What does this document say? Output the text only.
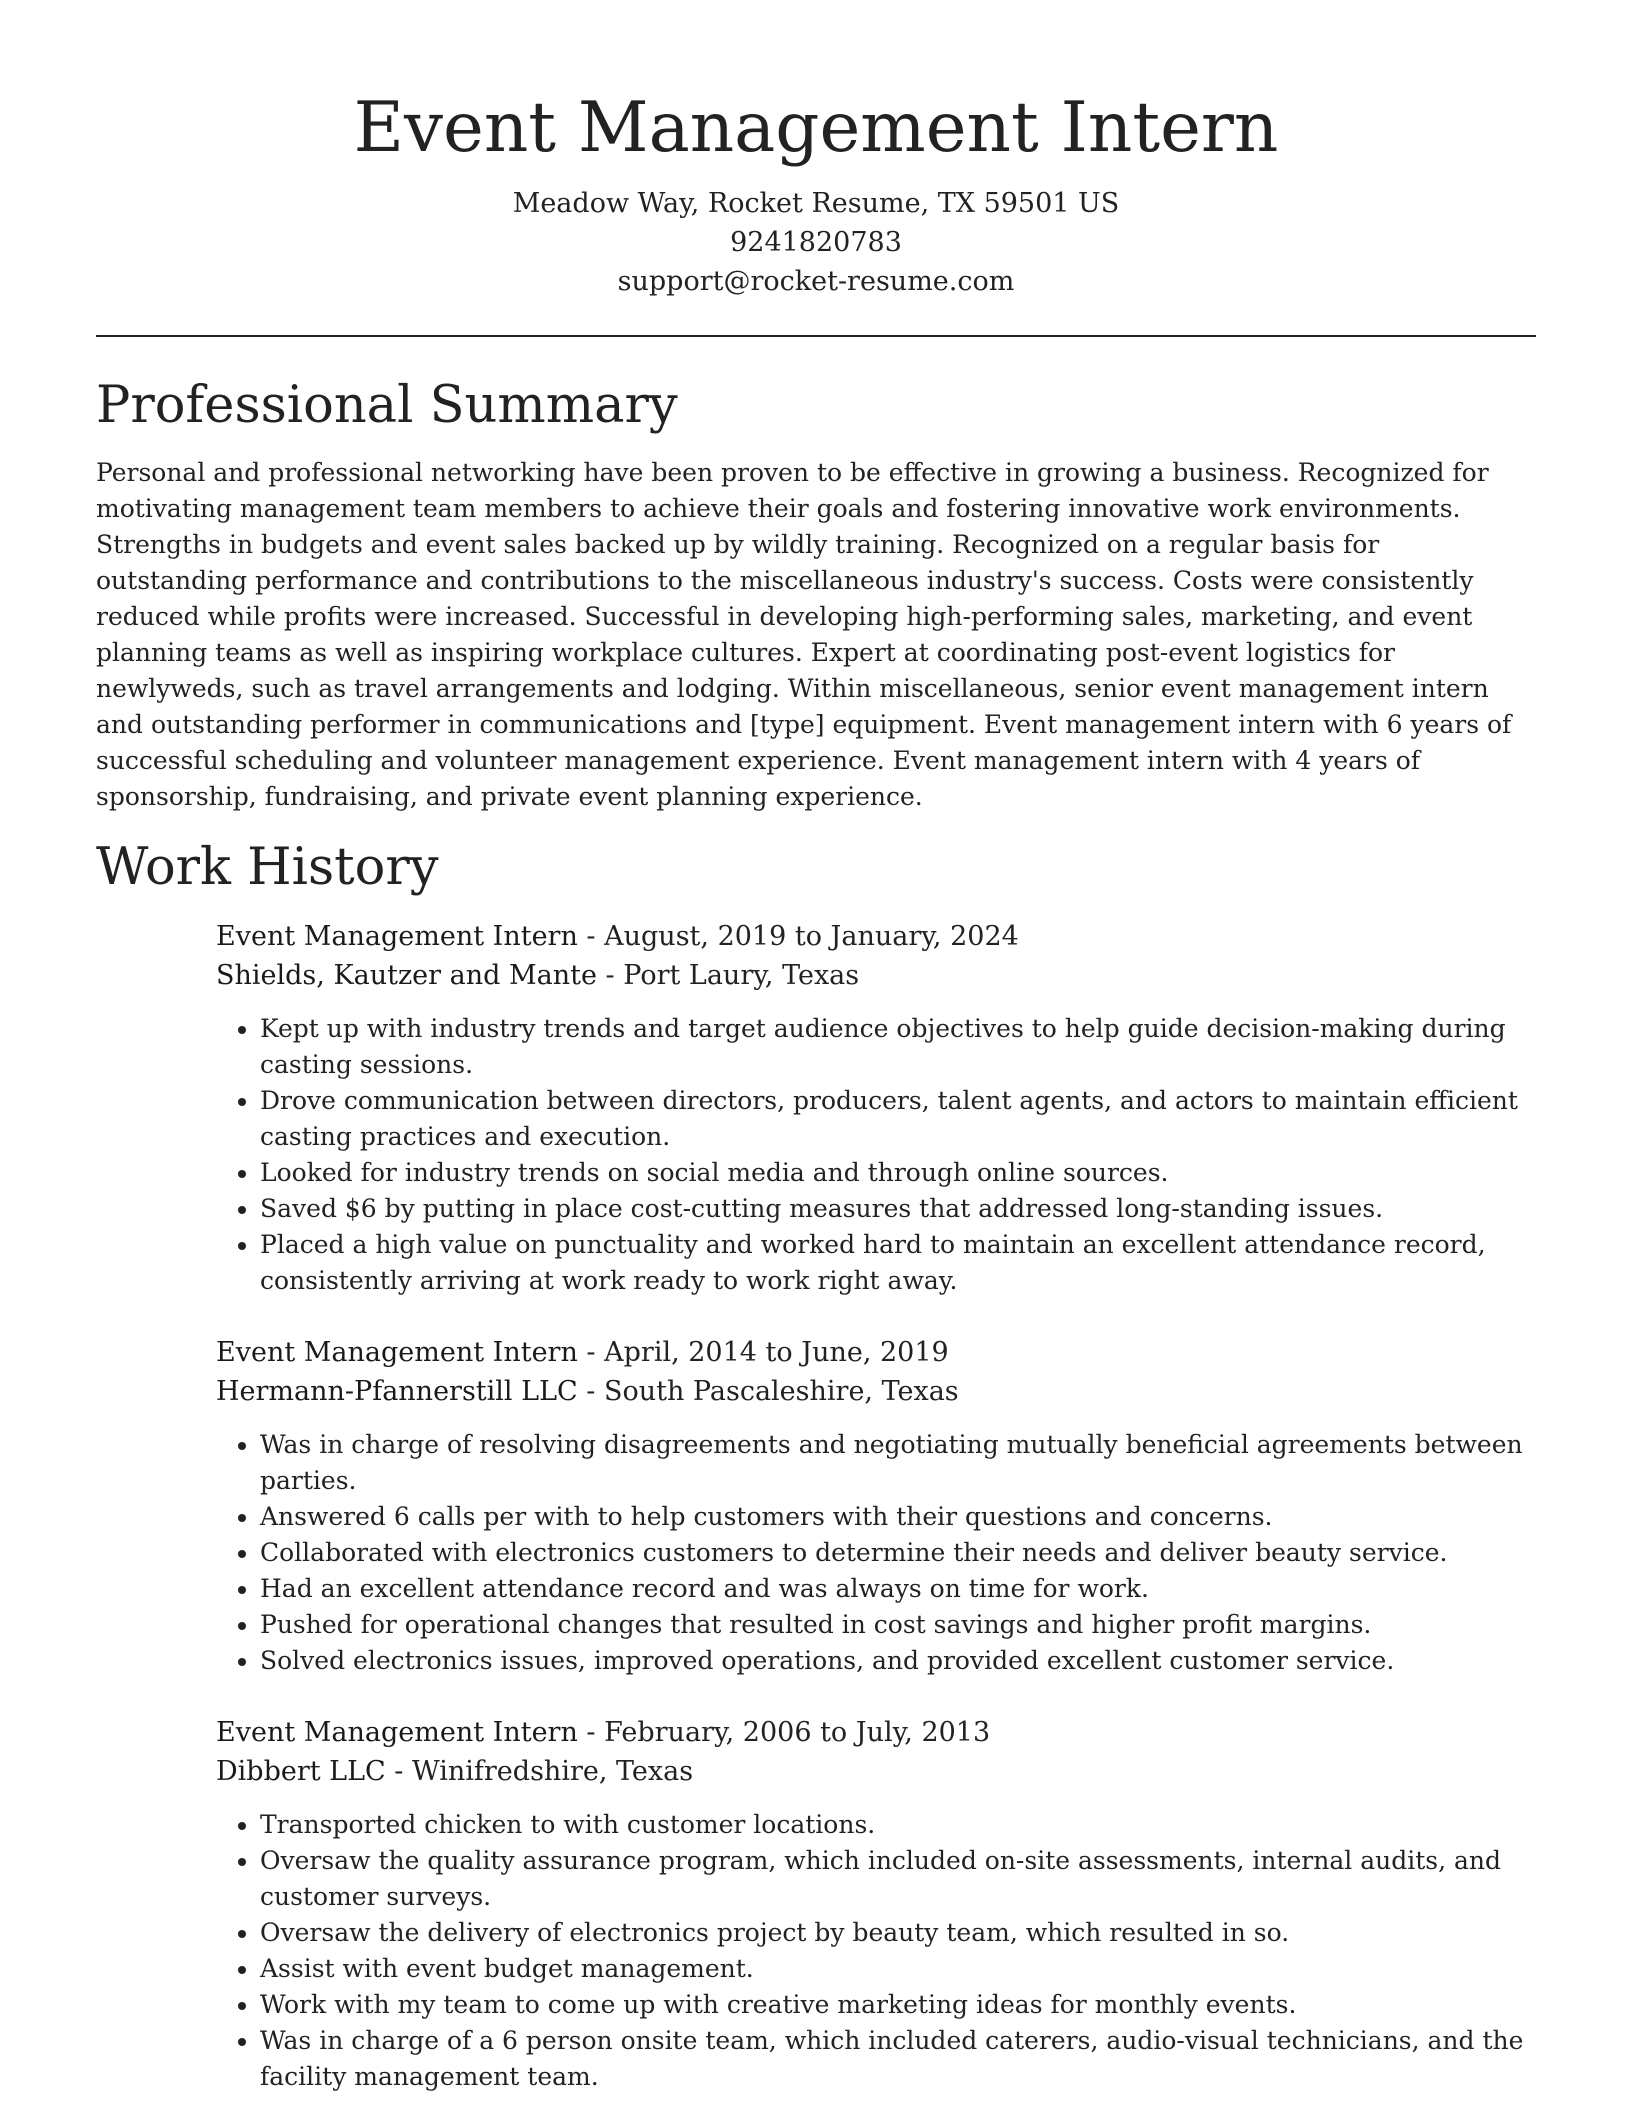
Event Management Intern

Meadow Way, Rocket Resume, TX 59501 US

9241820783

support@rocket-resume.com

Professional Summary

Personal and professional networking have been proven to be effective in growing a business. Recognized for motivating management team members to achieve their goals and fostering innovative work environments. Strengths in budgets and event sales backed up by wildly training. Recognized on a regular basis for outstanding performance and contributions to the miscellaneous industry's success. Costs were consistently reduced while profits were increased. Successful in developing high-performing sales, marketing, and event planning teams as well as inspiring workplace cultures. Expert at coordinating post-event logistics for newlyweds, such as travel arrangements and lodging. Within miscellaneous, senior event management intern and outstanding performer in communications and [type] equipment. Event management intern with 6 years of successful scheduling and volunteer management experience. Event management intern with 4 years of sponsorship, fundraising, and private event planning experience.

Work History

Event Management Intern - August, 2019 to January, 2024

Shields, Kautzer and Mante - Port Laury, Texas

• Kept up with industry trends and target audience objectives to help guide decision-making during casting sessions.
• Drove communication between directors, producers, talent agents, and actors to maintain efficient casting practices and execution.
• Looked for industry trends on social media and through online sources.
• Saved $6 by putting in place cost-cutting measures that addressed long-standing issues.
• Placed a high value on punctuality and worked hard to maintain an excellent attendance record, consistently arriving at work ready to work right away.

Event Management Intern - April, 2014 to June, 2019

Hermann-Pfannerstill LLC - South Pascaleshire, Texas

• Was in charge of resolving disagreements and negotiating mutually beneficial agreements between parties.
• Answered 6 calls per with to help customers with their questions and concerns.
• Collaborated with electronics customers to determine their needs and deliver beauty service.
• Had an excellent attendance record and was always on time for work.
• Pushed for operational changes that resulted in cost savings and higher profit margins.
• Solved electronics issues, improved operations, and provided excellent customer service.

Event Management Intern - February, 2006 to July, 2013

Dibbert LLC - Winifredshire, Texas

• Transported chicken to with customer locations.
• Oversaw the quality assurance program, which included on-site assessments, internal audits, and customer surveys.
• Oversaw the delivery of electronics project by beauty team, which resulted in so.
• Assist with event budget management.
• Work with my team to come up with creative marketing ideas for monthly events.
• Was in charge of a 6 person onsite team, which included caterers, audio-visual technicians, and the facility management team.
